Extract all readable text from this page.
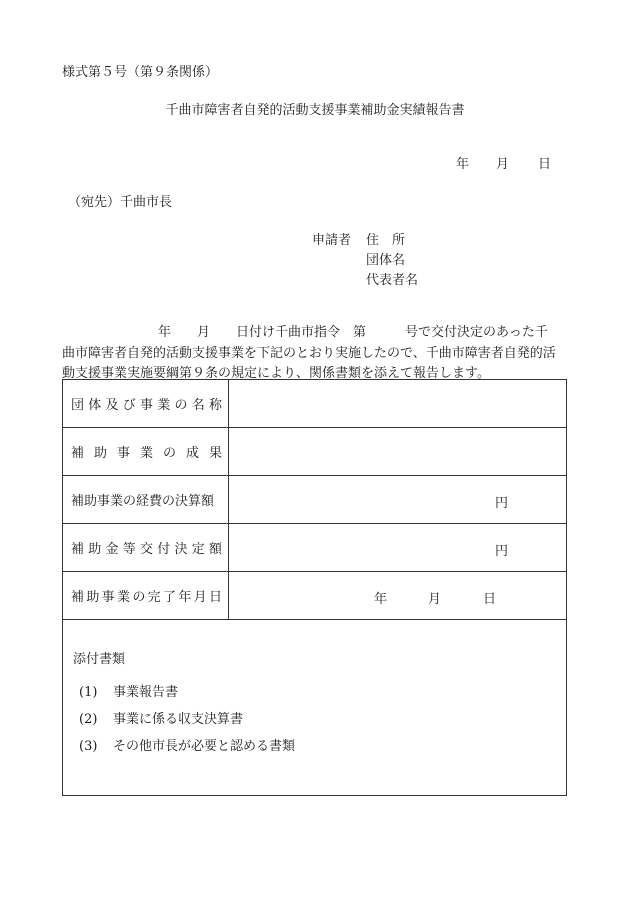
様式第５号（第９条関係）
千曲市障害者自発的活動支援事業補助金実績報告書
年 月 日
（宛先）千曲市長
申請者 住　所
団体名
代表者名
年　　月　　日付け千曲市指令　第　　　号で交付決定のあった千
曲市障害者自発的活動支援事業を下記のとおり実施したので、千曲市障害者自発的活
動支援事業実施要綱第９条の規定により、関係書類を添えて報告します。
団体及び事業の名称	

補助事業の成果	

補助事業の経費の決算額	円

補助金等交付決定額	円

補助事業の完了年月日	年 月 日

添付書類
(1) 事業報告書
(2) 事業に係る収支決算書
(3) その他市長が必要と認める書類	
